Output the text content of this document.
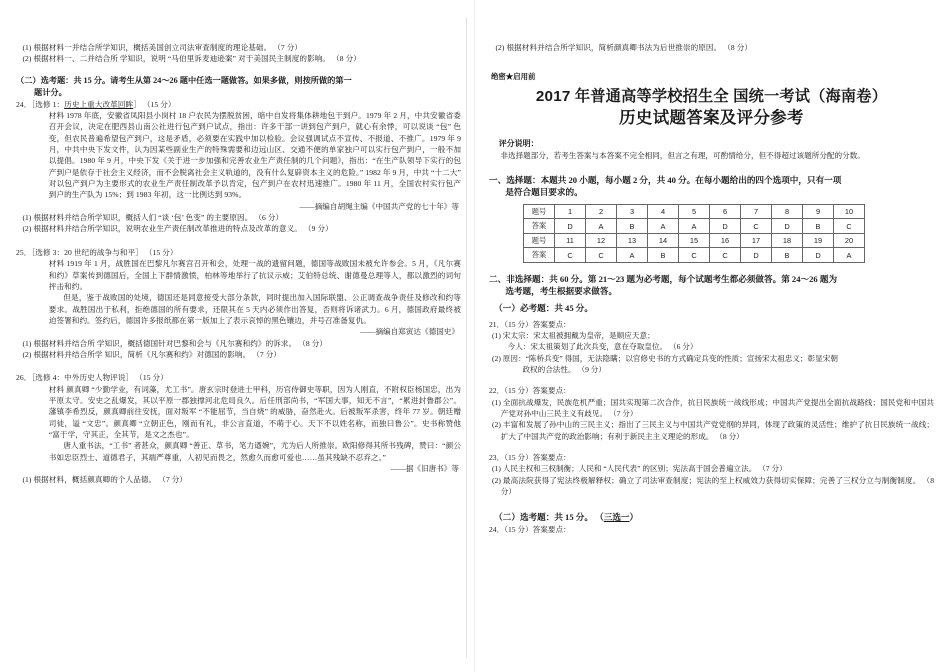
(1) 根据材料一并结合所学知识，概括美国创立司法审查制度的理论基础。 （7 分）

(2) 根据材料一、二并结合所 学知识，说明 “马伯里诉麦迪逊案” 对于美国民主制度的影响。 （8 分）

（二）选考题：共 15 分。请考生从第 24～26 题中任选一题做答。如果多做，则按所做的第一
题计分。

24．［选修 1：历史上重大改革回眸］ （15 分）

材料 1978 年底，安徽省凤阳县小岗村 18 户农民为摆脱贫困，暗中自发将集体耕地包干到户。1979 年 2 月，中共安徽省委召开会议，决定在肥西县山南公社进行包产到户试点，指出：许多干部一讲到包产到户，就心有余悸，可以说谈 “包” 色变，但农民普遍希望包产到户，这是矛盾，必须要在实践中加以检验。会议强调试点不宣传、不报道、不推广。1979 年 9 月，中共中央下发文件，认为因某些副业生产的特殊需要和边远山区、交通不便的单家独户可以实行包产到户，一般不加以提倡。1980 年 9 月，中央下发《关于进一步加强和完善农业生产责任制的几个问题》，指出：“在生产队领导下实行的包产到户是依存于社会主义经济，而不会脱离社会主义轨道的，没有什么复辟资本主义的危险。” 1982 年 9 月，中共 “十二大” 对以包产到户为主要形式的农业生产责任制改革予以肯定，包产到户在农村迅速推广。1980 年 11 月，全国农村实行包产到户的生产队为 15%；到 1983 年初，这一比例达到 93%。

——摘编自胡绳主编《中国共产党的七十年》等

(1) 根据材料并结合所学知识，概括人们 “谈 ‘包’ 色变” 的主要原因。 （6 分）

(2) 根据材料并结合所学知识，说明农业生产责任制改革推进的特点及改革的意义。 （9 分）

25．［选修 3：20 世纪的战争与和平］ （15 分）

材料 1919 年 1 月，战胜国在巴黎凡尔赛宫召开和会，处理一战的遗留问题，德国等战败国未被允许参会。5 月，《凡尔赛和约》草案传到德国后，全国上下群情激愤，柏林等地举行了抗议示威；艾伯特总统、谢德曼总理等人，都以激烈的词句抨击和约。

但是，鉴于战败国的处境，德国还是同意接受大部分条款，同时提出加入国际联盟、公正调查战争责任及修改和约等要求。战胜国出于私利，拒绝德国的所有要求，还限其在 5 天内必须作出答复，否则将诉诸武力。6 月，德国政府最终被迫签署和约。签约后，德国许多报纸都在第一版加上了表示哀悼的黑色镶边，并号召准备复仇。

——摘编自郑寅达《德国史》

(1) 根据材料并结合所 学知识，概括德国针对巴黎和会与《凡尔赛和约》的诉求。 （8 分）

(2) 根据材料并结合所学 知识，简析《凡尔赛和约》对德国的影响。 （7 分）

26．［选修 4：中外历史人物评说］ （15 分）

材料 颜真卿 “少勤学业，有词藻，尤工书”。唐玄宗时登进士甲科，历官侍御史等职，因为人刚直，不附权臣杨国忠，出为平原太守。安史之乱爆发，其以平原一郡独撑河北危局良久。后任刑部尚书，“军国大事，知无不言”，“累进封鲁郡公”。藩镇李希烈反，颜真卿前往安抚，面对叛军 “不能屈节，当自烧” 的威胁，奋然赴火。后被叛军杀害，终年 77 岁。朝廷赠司徒，谥 “文忠”。颜真卿 “立朝正色，刚而有礼，非公言直道，不萌于心。天下不以姓名称，而独曰鲁公”。史书称赞他 “富于学，守其正，全其节，是文之杰也”。

唐人重书法，“工书” 者甚众，颜真卿 “善正、草书，笔力遒婉”，尤为后人所推崇。欧阳修得其所书残碑，赞曰：“颜公书如忠臣烈士、道德君子，其端严尊重，人初见而畏之，然愈久而愈可爱也……虽其残缺不忍弃之。”

——据《旧唐书》等

(1) 根据材料，概括颜真卿的个人品德。 （7 分）

(2) 根据材料并结合所学知识，简析颜真卿书法为后世推崇的原因。 （8 分）

绝密★启用前

2017 年普通高等学校招生全 国统一考试（海南卷）
历史试题答案及评分参考

评分说明：

非选择题部分，若考生答案与本答案不完全相同，但言之有理，可酌情给分，但不得超过该题所分配的分数。

一、选择题：本题共 20 小题，每小题 2 分，共 40 分。在每小题给出的四个选项中，只有一项
是符合题目要求的。

题号	1	2	3	4	5	6	7	8	9	10
答案	D	A	B	A	A	D	C	D	B	C
题号	11	12	13	14	15	16	17	18	19	20
答案	C	C	A	B	C	C	D	B	D	A

二、非选择题：共 60 分。第 21～23 题为必考题，每个试题考生都必须做答。第 24～26 题为
选考题，考生根据要求做答。

（一）必考题：共 45 分。

21．（15 分）答案要点：

(1) 宋太宗：宋太祖被拥戴为皇帝，是顺应天意；

今人：宋太祖策划了此次兵变，意在夺取皇位。 （6 分）

(2) 原因：“陈桥兵变” 得国，无法隐瞒；以官修史书的方式确定兵变的性质；宣扬宋太祖忠义；彰显宋朝

政权的合法性。 （9 分）

22．（15 分）答案要点：

(1) 全面抗战爆发，民族危机严重；国共实现第二次合作，抗日民族统一战线形成；中国共产党提出全面抗战路线；国民党和中国共产党对孙中山三民主义有歧见。 （7 分）

(2) 丰富和发展了孙中山的三民主义；指出了三民主义与中国共产党党纲的异同，体现了政策的灵活性；维护了抗日民族统一战线；扩大了中国共产党的政治影响；有利于新民主主义理论的形成。 （8 分）

23．（15 分）答案要点：

(1) 人民主权和三权制衡；人民和 “人民代表” 的区别；宪法高于国会普遍立法。 （7 分）

(2) 最高法院获得了宪法终极解释权；确立了司法审查制度；宪法的至上权威效力获得切实保障；完善了三权分立与制衡制度。 （8 分）

（二）选考题：共 15 分。 （三选一）

24．（15 分）答案要点：
